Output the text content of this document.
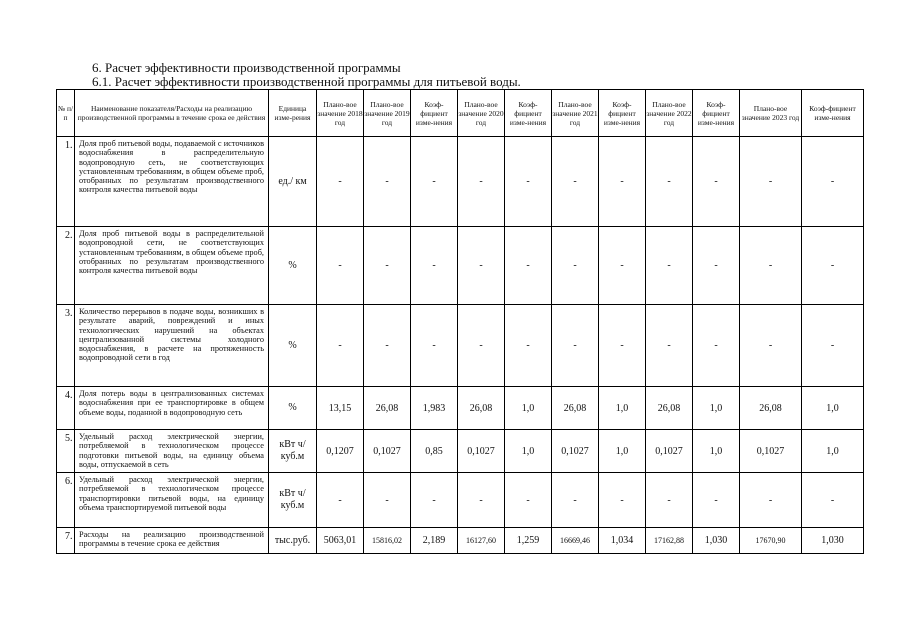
6. Расчет эффективности производственной программы
6.1. Расчет эффективности производственной программы для питьевой воды.
№ п/п	Наименование показателя/Расходы на реализацию производственной программы в течение срока ее действия	Единица изме-рения	Плано-вое значение 2018 год	Плано-вое значение 2019 год	Коэф-фициент изме-нения	Плано-вое значение 2020 год	Коэф-фициент изме-нения	Плано-вое значение 2021 год	Коэф-фициент изме-нения	Плано-вое значение 2022 год	Коэф-фициент изме-нения	Плано-вое значение 2023 год	Коэф-фициент изме-нения
1.	Доля проб питьевой воды, подаваемой с источников водоснабжения в распределительную водопроводную сеть, не соответствующих установленным требованиям, в общем объеме проб, отобранных по результатам производственного контроля качества питьевой воды	ед./ км	-	-	-	-	-	-	-	-	-	-	-
2.	Доля проб питьевой воды в распределительной водопроводной сети, не соответствующих установленным требованиям, в общем объеме проб, отобранных по результатам производственного контроля качества питьевой воды	%	-	-	-	-	-	-	-	-	-	-	-
3.	Количество перерывов в подаче воды, возникших в результате аварий, повреждений и иных технологических нарушений на объектах централизованной системы холодного водоснабжения, в расчете на протяженность водопроводной сети в год	%	-	-	-	-	-	-	-	-	-	-	-
4.	Доля потерь воды в централизованных системах водоснабжения при ее транспортировке в общем объеме воды, поданной в водопроводную сеть	%	13,15	26,08	1,983	26,08	1,0	26,08	1,0	26,08	1,0	26,08	1,0
5.	Удельный расход электрической энергии, потребляемой в технологическом процессе подготовки питьевой воды, на единицу объема воды, отпускаемой в сеть	кВт ч/куб.м	0,1207	0,1027	0,85	0,1027	1,0	0,1027	1,0	0,1027	1,0	0,1027	1,0
6.	Удельный расход электрической энергии, потребляемой в технологическом процессе транспортировки питьевой воды, на единицу объема транспортируемой питьевой воды	кВт ч/куб.м	-	-	-	-	-	-	-	-	-	-	-
7.	Расходы на реализацию производственной программы в течение срока ее действия	тыс.руб.	5063,01	15816,02	2,189	16127,60	1,259	16669,46	1,034	17162,88	1,030	17670,90	1,030
